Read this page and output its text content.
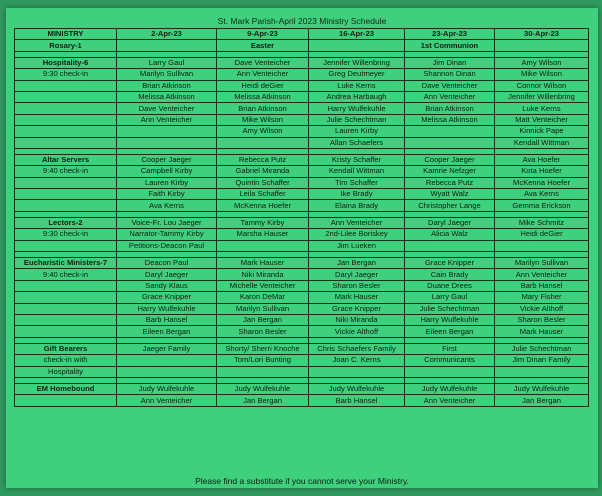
St. Mark Parish-April 2023 Ministry Schedule
MINISTRY	2-Apr-23	9-Apr-23	16-Apr-23	23-Apr-23	30-Apr-23
Rosary-1		Easter		1st Communion	

Hospitality-6	Larry Gaul	Dave Venteicher	Jennifer Willenbring	Jim Dinan	Amy Wilson
9:30 check-in	Marilyn Sullivan	Ann Venteicher	Greg Deutmeyer	Shannon Dinan	Mike Wilson
	Brian Atkinson	Heidi deGier	Luke Kerns	Dave Venteicher	Connor Wilson
	Melissa Atkinson	Melissa Atkinson	Andrea Harbaugh	Ann Venteicher	Jennifer Willenbring
	Dave Venteicher	Brian Atkinson	Harry Wulfekuhle	Brian Atkinson	Luke Kerns
	Ann Venteicher	Mike Wilson	Julie Schechtman	Melissa Atkinson	Matt Venteicher
		Amy Wilson	Lauren Kirby		Kinnick Pape
			Allan Schaefers		Kendall Wittman

Altar Servers	Cooper Jaeger	Rebecca Putz	Kristy Schaffer	Cooper Jaeger	Ava Hoefer
9:40 check-in	Campbell Kirby	Gabriel Miranda	Kendall Wittman	Kamrie Nefzger	Kota Hoefer
	Lauren Kirby	Quintin Schaffer	Tim Schaffer	Rebecca Putz	McKenna Hoefer
	Faith Kirby	Leila Schaffer	Ike Brady	Wyatt Walz	Ava Kerns
	Ava Kerns	McKenna Hoefer	Elaina Brady	Christopher Lange	Gemma Erickson

Lectors-2	Voice-Fr. Lou Jaeger	Tammy Kirby	Ann Venteicher	Daryl Jaeger	Mike Schmitz
9:30 check-in	Narrator-Tammy Kirby	Marsha Hauser	2nd-Lilee Boriskey	Alicia Walz	Heidi deGier
	Petitions-Deacon Paul		Jim Lueken		

Eucharistic Ministers-7	Deacon Paul	Mark Hauser	Jan Bergan	Grace Knipper	Marilyn Sullivan
9:40 check-in	Daryl Jaeger	Niki Miranda	Daryl Jaeger	Cain Brady	Ann Venteicher
	Sandy Klaus	Michelle Venteicher	Sharon Besler	Duane Drees	Barb Hansel
	Grace Knipper	Karon DeMar	Mark Hauser	Larry Gaul	Mary Fisher
	Harry Wulfekuhle	Marilyn Sullivan	Grace Knipper	Julie Schechtman	Vickie Althoff
	Barb Hansel	Jan Bergan	Niki Miranda	Harry Wulfekuhle	Sharon Besler
	Eileen Bergan	Sharon Besler	Vickie Althoff	Eileen Bergan	Mark Hauser

Gift Bearers	Jaeger Family	Shorty/ Sherri Knoche	Chris Schaefers Family	First	Julie Schechtman
check-in with		Tom/Lori Bunting	Joan C. Kerns	Communicants	Jim Dinan Family
Hospitality					

EM Homebound	Judy Wulfekuhle	Judy Wulfekuhle	Judy Wulfekuhle	Judy Wulfekuhle	Judy Wulfekuhle
	Ann Venteicher	Jan Bergan	Barb Hansel	Ann Venteicher	Jan Bergan
Please find a substitute if you cannot serve your Ministry.
